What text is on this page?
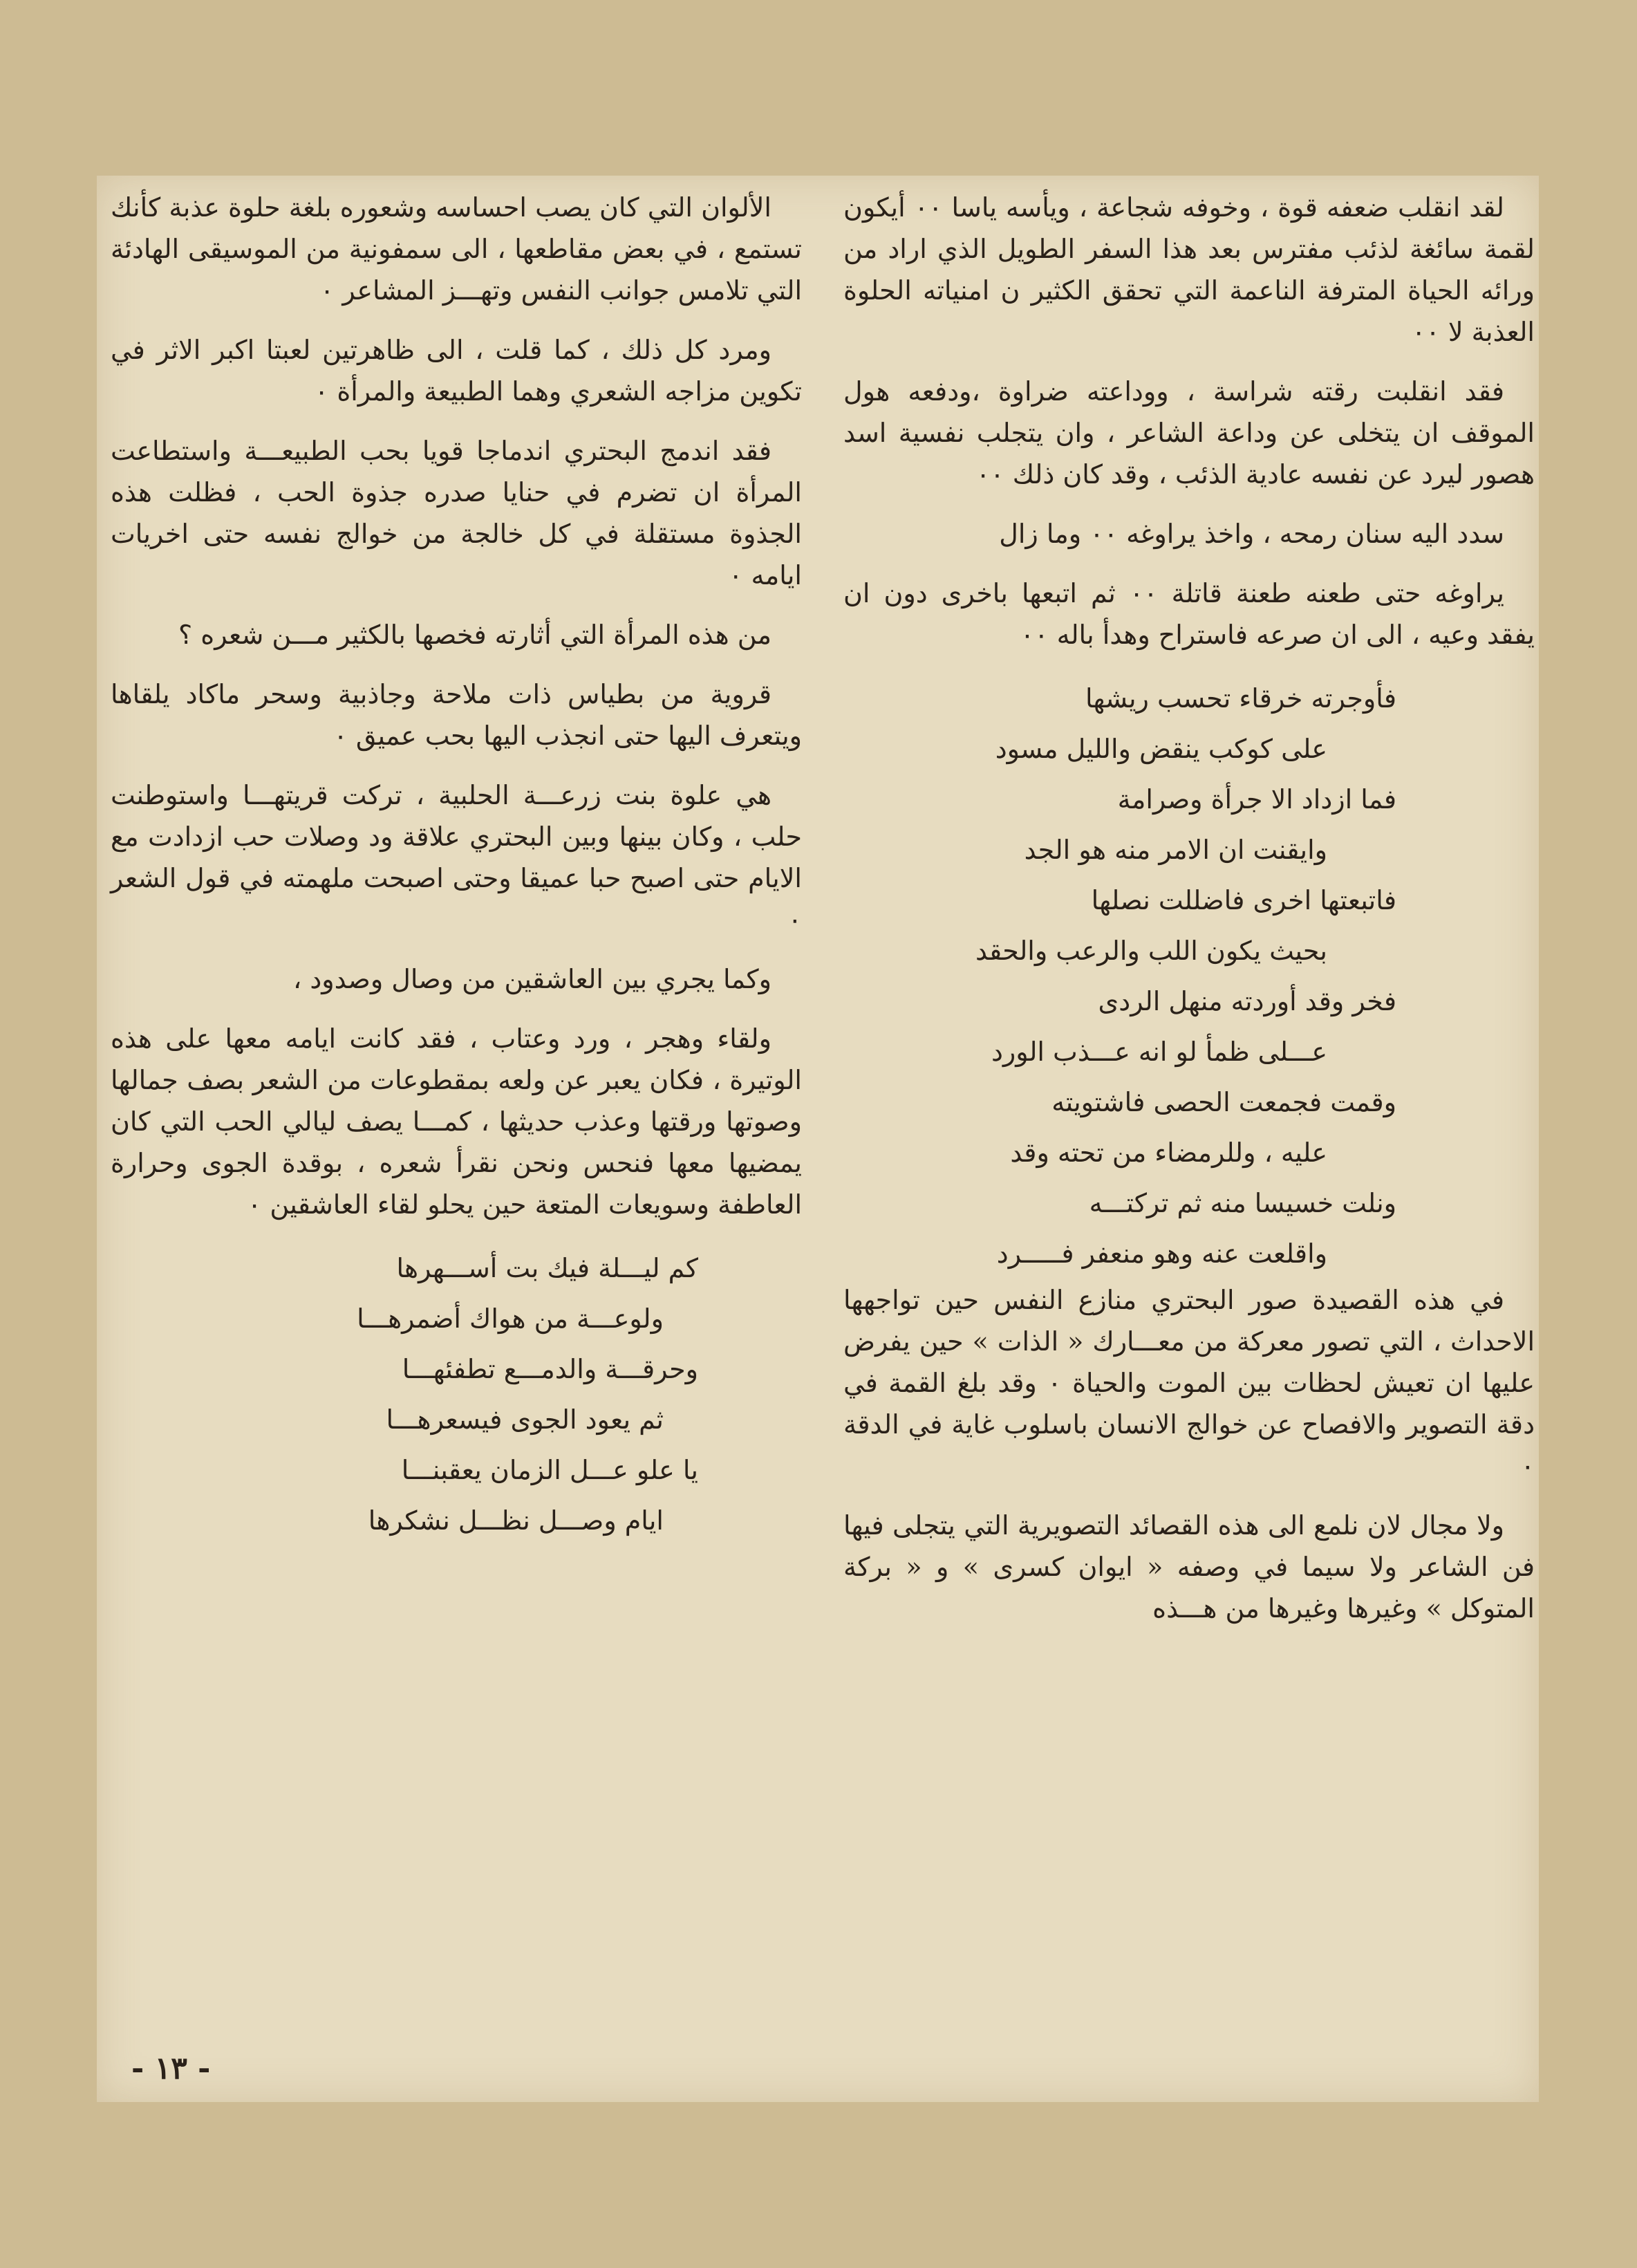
لقد انقلب ضعفه قوة ، وخوفه شجاعة ، ويأسه ياسا ٠٠ أيكون لقمة سائغة لذئب مفترس بعد هذا السفر الطويل الذي اراد من ورائه الحياة المترفة الناعمة التي تحقق الكثير ن امنياته الحلوة العذبة لا ٠٠

فقد انقلبت رقته شراسة ، ووداعته ضراوة ،ودفعه هول الموقف ان يتخلى عن وداعة الشاعر ، وان يتجلب نفسية اسد هصور ليرد عن نفسه عادية الذئب ، وقد كان ذلك ٠٠

سدد اليه سنان رمحه ، واخذ يراوغه ٠٠ وما زال

يراوغه حتى طعنه طعنة قاتلة ٠٠ ثم اتبعها باخرى دون ان يفقد وعيه ، الى ان صرعه فاستراح وهدأ باله ٠٠

فأوجرته خرقاء تحسب ريشها
على كوكب ينقض والليل مسود
فما ازداد الا جرأة وصرامة
وايقنت ان الامر منه هو الجد
فاتبعتها اخرى فاضللت نصلها
بحيث يكون اللب والرعب والحقد
فخر وقد أوردته منهل الردى
عـــلى ظمأ لو انه عـــذب الورد
وقمت فجمعت الحصى فاشتويته
عليه ، وللرمضاء من تحته وقد
ونلت خسيسا منه ثم تركتـــه
واقلعت عنه وهو منعفر فـــــرد

في هذه القصيدة صور البحتري منازع النفس حين تواجهها الاحداث ، التي تصور معركة من معـــارك « الذات » حين يفرض عليها ان تعيش لحظات بين الموت والحياة ٠ وقد بلغ القمة في دقة التصوير والافصاح عن خوالج الانسان باسلوب غاية في الدقة ٠

ولا مجال لان نلمع الى هذه القصائد التصويرية التي يتجلى فيها فن الشاعر ولا سيما في وصفه « ايوان كسرى » و « بركة المتوكل » وغيرها وغيرها من هـــذه

الألوان التي كان يصب احساسه وشعوره بلغة حلوة عذبة كأنك تستمع ، في بعض مقاطعها ، الى سمفونية من الموسيقى الهادئة التي تلامس جوانب النفس وتهـــز المشاعر ٠

ومرد كل ذلك ، كما قلت ، الى ظاهرتين لعبتا اكبر الاثر في تكوين مزاجه الشعري وهما الطبيعة والمرأة ٠

فقد اندمج البحتري اندماجا قويا بحب الطبيعـــة واستطاعت المرأة ان تضرم في حنايا صدره جذوة الحب ، فظلت هذه الجذوة مستقلة في كل خالجة من خوالج نفسه حتى اخريات ايامه ٠

من هذه المرأة التي أثارته فخصها بالكثير مـــن شعره ؟

قروية من بطياس ذات ملاحة وجاذبية وسحر ماكاد يلقاها ويتعرف اليها حتى انجذب اليها بحب عميق ٠

هي علوة بنت زرعـــة الحلبية ، تركت قريتهـــا واستوطنت حلب ، وكان بينها وبين البحتري علاقة ود وصلات حب ازدادت مع الايام حتى اصبح حبا عميقا وحتى اصبحت ملهمته في قول الشعر ٠

وكما يجري بين العاشقين من وصال وصدود ،

ولقاء وهجر ، ورد وعتاب ، فقد كانت ايامه معها على هذه الوتيرة ، فكان يعبر عن ولعه بمقطوعات من الشعر بصف جمالها وصوتها ورقتها وعذب حديثها ، كمـــا يصف ليالي الحب التي كان يمضيها معها فنحس ونحن نقرأ شعره ، بوقدة الجوى وحرارة العاطفة وسويعات المتعة حين يحلو لقاء العاشقين ٠

كم ليـــلة فيك بت أســـهرها
ولوعـــة من هواك أضمرهـــا
وحرقـــة والدمـــع تطفئهـــا
ثم يعود الجوى فيسعرهـــا
يا علو عـــل الزمان يعقبنـــا
ايام وصـــل نظـــل نشكرها
- ١٣ -
